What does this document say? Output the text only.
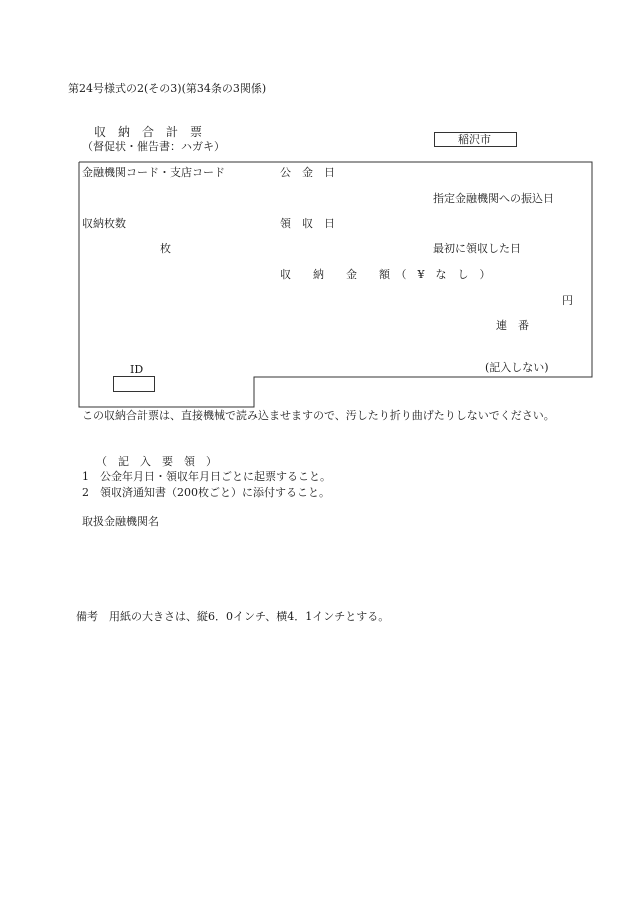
第24号様式の2(その3)(第34条の3関係)
収　納　合　計　票
（督促状・催告書：ハガキ）
稲沢市
金融機関コード・支店コード	公　金　日
指定金融機関への振込日
収納枚数	領　収　日
枚	最初に領収した日
収　　納　　金　　額　（　¥　な　し　）
円
連　番
ID	(記入しない)
この収納合計票は、直接機械で読み込ませますので、汚したり折り曲げたりしないでください。
（　記　入　要　領　）
1 公金年月日・領収年月日ごとに起票すること。
2 領収済通知書（200枚ごと）に添付すること。
取扱金融機関名
備考　用紙の大きさは、縦6．0インチ、横4．1インチとする。
